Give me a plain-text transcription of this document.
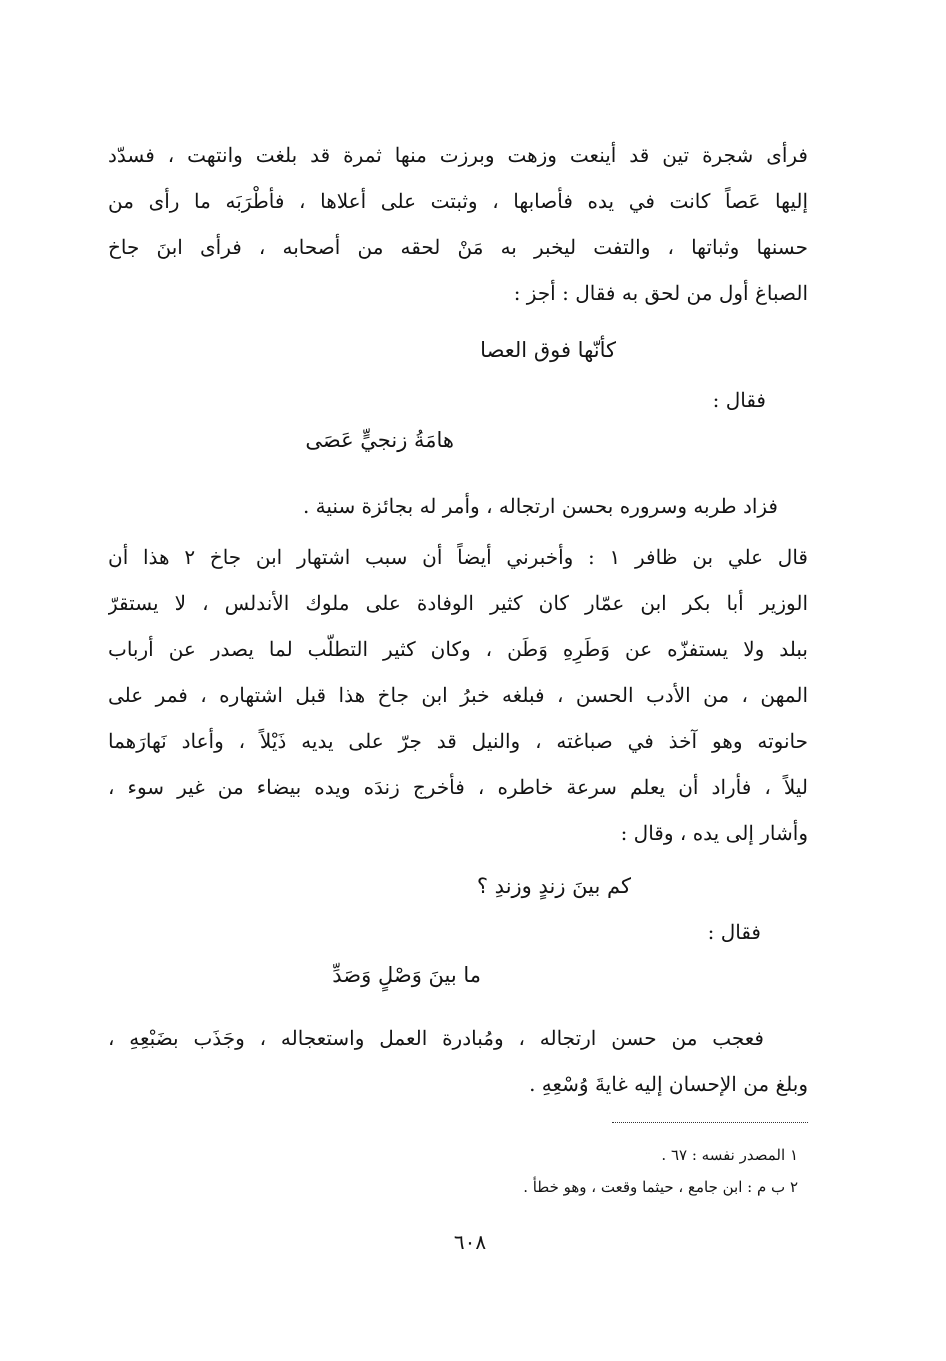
فرأى شجرة تين قد أينعت وزهت وبرزت منها ثمرة قد بلغت وانتهت ، فسدّد
إليها عَصاً كانت في يده فأصابها ، وثبتت على أعلاها ، فأطْرَبَه ما رأى من
حسنها وثباتها ، والتفت ليخبر به مَنْ لحقه من أصحابه ، فرأى ابنَ جاخ
الصباغ أول من لحق به فقال : أجز :
كأنّها فوق العصا
فقال :
هامَةُ زنجيٍّ عَصَى
فزاد طربه وسروره بحسن ارتجاله ، وأمر له بجائزة سنية .
قال علي بن ظافر ١ : وأخبرني أيضاً أن سبب اشتهار ابن جاخ ٢ هذا أن
الوزير أبا بكر ابن عمّار كان كثير الوفادة على ملوك الأندلس ، لا يستقرّ
ببلد ولا يستفزّه عن وَطَرِهِ وَطَن ، وكان كثير التطلّب لما يصدر عن أرباب
المهن ، من الأدب الحسن ، فبلغه خبرُ ابن جاخ هذا قبل اشتهاره ، فمر على
حانوته وهو آخذ في صباغته ، والنيل قد جرّ على يديه ذَيْلاً ، وأعاد نَهارَهما
ليلاً ، فأراد أن يعلم سرعة خاطره ، فأخرج زندَه ويده بيضاء من غير سوء ،
وأشار إلى يده ، وقال :
كم بينَ زندٍ وزندِ ؟
فقال :
ما بينَ وَصْلٍ وَصَدِّ
فعجب من حسن ارتجاله ، ومُبادرة العمل واستعجاله ، وجَذَب بضَبْعِهِ ،
وبلغ من الإحسان إليه غايةَ وُسْعِهِ .
١ المصدر نفسه : ٦٧ .
٢ ب م : ابن جامع ، حيثما وقعت ، وهو خطأ .
٦٠٨
